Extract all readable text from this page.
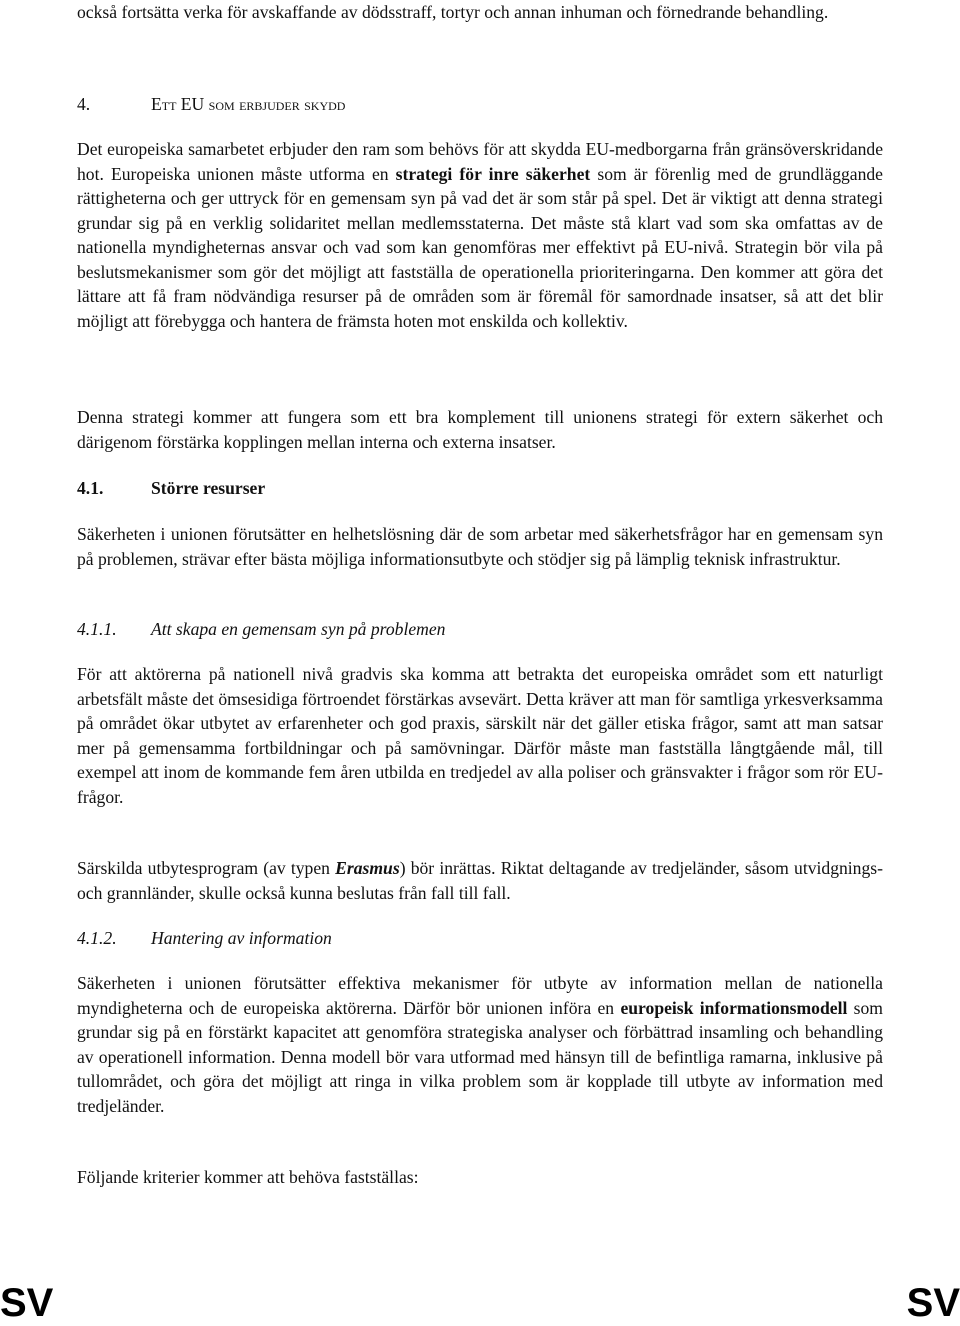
också fortsätta verka för avskaffande av dödsstraff, tortyr och annan inhuman och förnedrande behandling.

4.	Ett EU som erbjuder skydd

Det europeiska samarbetet erbjuder den ram som behövs för att skydda EU-medborgarna från gränsöverskridande hot. Europeiska unionen måste utforma en strategi för inre säkerhet som är förenlig med de grundläggande rättigheterna och ger uttryck för en gemensam syn på vad det är som står på spel. Det är viktigt att denna strategi grundar sig på en verklig solidaritet mellan medlemsstaterna. Det måste stå klart vad som ska omfattas av de nationella myndigheternas ansvar och vad som kan genomföras mer effektivt på EU-nivå. Strategin bör vila på beslutsmekanismer som gör det möjligt att fastställa de operationella prioriteringarna. Den kommer att göra det lättare att få fram nödvändiga resurser på de områden som är föremål för samordnade insatser, så att det blir möjligt att förebygga och hantera de främsta hoten mot enskilda och kollektiv.

Denna strategi kommer att fungera som ett bra komplement till unionens strategi för extern säkerhet och därigenom förstärka kopplingen mellan interna och externa insatser.

4.1.	Större resurser

Säkerheten i unionen förutsätter en helhetslösning där de som arbetar med säkerhetsfrågor har en gemensam syn på problemen, strävar efter bästa möjliga informationsutbyte och stödjer sig på lämplig teknisk infrastruktur.

4.1.1. Att skapa en gemensam syn på problemen

För att aktörerna på nationell nivå gradvis ska komma att betrakta det europeiska området som ett naturligt arbetsfält måste det ömsesidiga förtroendet förstärkas avsevärt. Detta kräver att man för samtliga yrkesverksamma på området ökar utbytet av erfarenheter och god praxis, särskilt när det gäller etiska frågor, samt att man satsar mer på gemensamma fortbildningar och på samövningar. Därför måste man fastställa långtgående mål, till exempel att inom de kommande fem åren utbilda en tredjedel av alla poliser och gränsvakter i frågor som rör EU-frågor.

Särskilda utbytesprogram (av typen Erasmus) bör inrättas. Riktat deltagande av tredjeländer, såsom utvidgnings- och grannländer, skulle också kunna beslutas från fall till fall.

4.1.2. Hantering av information

Säkerheten i unionen förutsätter effektiva mekanismer för utbyte av information mellan de nationella myndigheterna och de europeiska aktörerna. Därför bör unionen införa en europeisk informationsmodell som grundar sig på en förstärkt kapacitet att genomföra strategiska analyser och förbättrad insamling och behandling av operationell information. Denna modell bör vara utformad med hänsyn till de befintliga ramarna, inklusive på tullområdet, och göra det möjligt att ringa in vilka problem som är kopplade till utbyte av information med tredjeländer.

Följande kriterier kommer att behöva fastställas:

SV	SV
